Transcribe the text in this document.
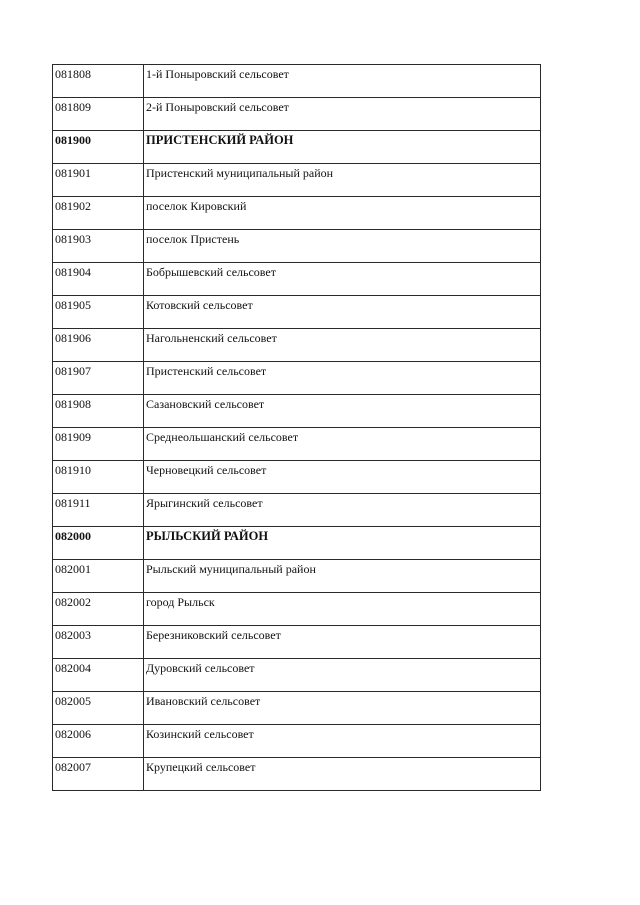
081808	1-й Поныровский сельсовет

081809	2-й Поныровский сельсовет

081900	ПРИСТЕНСКИЙ РАЙОН

081901	Пристенский муниципальный район

081902	поселок Кировский

081903	поселок Пристень

081904	Бобрышевский сельсовет

081905	Котовский сельсовет

081906	Нагольненский сельсовет

081907	Пристенский сельсовет

081908	Сазановский сельсовет

081909	Среднеольшанский сельсовет

081910	Черновецкий сельсовет

081911	Ярыгинский сельсовет

082000	РЫЛЬСКИЙ РАЙОН

082001	Рыльский муниципальный район

082002	город Рыльск

082003	Березниковский сельсовет

082004	Дуровский сельсовет

082005	Ивановский сельсовет

082006	Козинский сельсовет

082007	Крупецкий сельсовет
